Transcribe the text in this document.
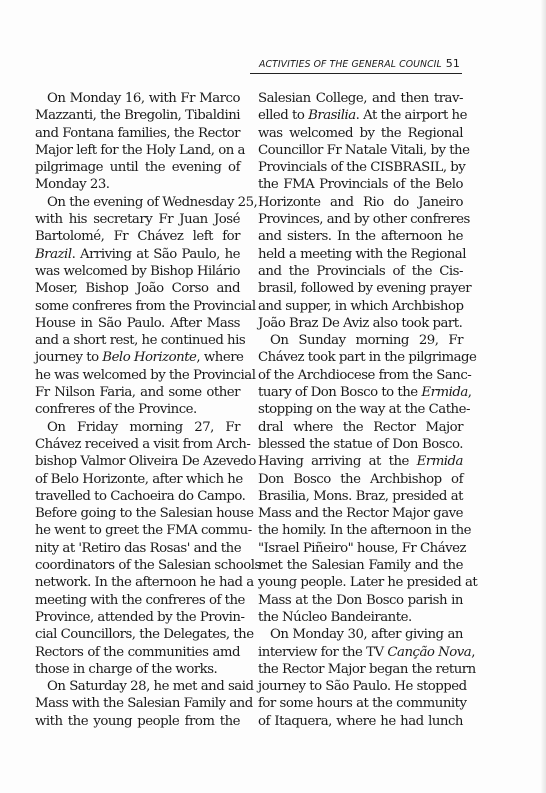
ACTIVITIES OF THE GENERAL COUNCIL 51
On Monday 16, with Fr Marco
Mazzanti, the Bregolin, Tibaldini
and Fontana families, the Rector
Major left for the Holy Land, on a
pilgrimage until the evening of
Monday 23.
On the evening of Wednesday 25,
with his secretary Fr Juan José
Bartolomé, Fr Chávez left for
Brazil. Arriving at São Paulo, he
was welcomed by Bishop Hilário
Moser, Bishop João Corso and
some confreres from the Provincial
House in São Paulo. After Mass
and a short rest, he continued his
journey to Belo Horizonte, where
he was welcomed by the Provincial
Fr Nilson Faria, and some other
confreres of the Province.
On Friday morning 27, Fr
Chávez received a visit from Arch-
bishop Valmor Oliveira De Azevedo
of Belo Horizonte, after which he
travelled to Cachoeira do Campo.
Before going to the Salesian house
he went to greet the FMA commu-
nity at 'Retiro das Rosas' and the
coordinators of the Salesian schools
network. In the afternoon he had a
meeting with the confreres of the
Province, attended by the Provin-
cial Councillors, the Delegates, the
Rectors of the communities amd
those in charge of the works.
On Saturday 28, he met and said
Mass with the Salesian Family and
with the young people from the
Salesian College, and then trav-
elled to Brasilia. At the airport he
was welcomed by the Regional
Councillor Fr Natale Vitali, by the
Provincials of the CISBRASIL, by
the FMA Provincials of the Belo
Horizonte and Rio do Janeiro
Provinces, and by other confreres
and sisters. In the afternoon he
held a meeting with the Regional
and the Provincials of the Cis-
brasil, followed by evening prayer
and supper, in which Archbishop
João Braz De Aviz also took part.
On Sunday morning 29, Fr
Chávez took part in the pilgrimage
of the Archdiocese from the Sanc-
tuary of Don Bosco to the Ermida,
stopping on the way at the Cathe-
dral where the Rector Major
blessed the statue of Don Bosco.
Having arriving at the Ermida
Don Bosco the Archbishop of
Brasilia, Mons. Braz, presided at
Mass and the Rector Major gave
the homily. In the afternoon in the
"Israel Piñeiro" house, Fr Chávez
met the Salesian Family and the
young people. Later he presided at
Mass at the Don Bosco parish in
the Núcleo Bandeirante.
On Monday 30, after giving an
interview for the TV Canção Nova,
the Rector Major began the return
journey to São Paulo. He stopped
for some hours at the community
of Itaquera, where he had lunch
